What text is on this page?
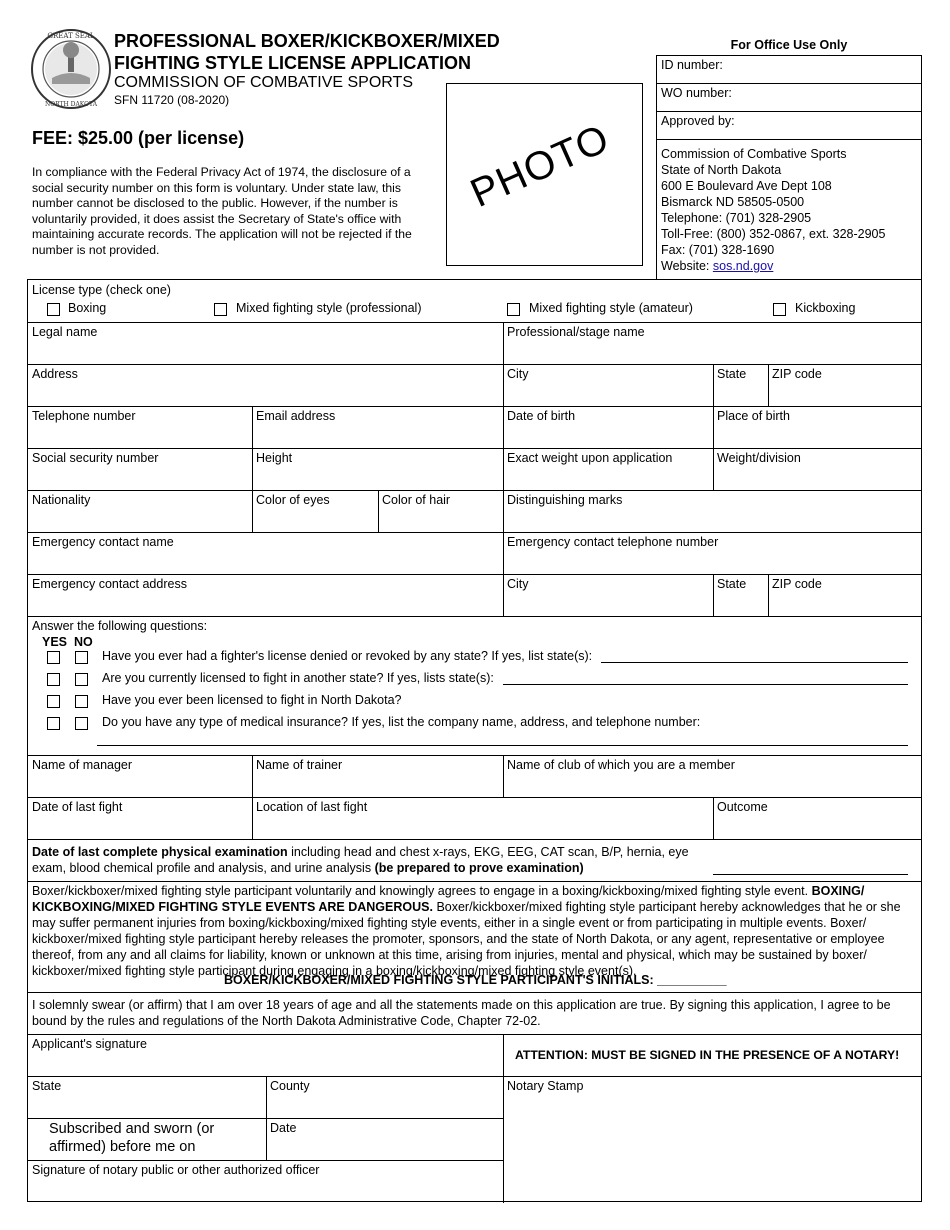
GREAT SEAL
NORTH DAKOTA
PROFESSIONAL BOXER/KICKBOXER/MIXED
FIGHTING STYLE LICENSE APPLICATION
COMMISSION OF COMBATIVE SPORTS
SFN 11720 (08-2020)
FEE: $25.00 (per license)
In compliance with the Federal Privacy Act of 1974, the disclosure of a social security number on this form is voluntary. Under state law, this number cannot be disclosed to the public. However, if the number is voluntarily provided, it does assist the Secretary of State's office with maintaining accurate records. The application will not be rejected if the number is not provided.
PHOTO
For Office Use Only
ID number:
WO number:
Approved by:
Commission of Combative Sports
State of North Dakota
600 E Boulevard Ave Dept 108
Bismarck ND 58505-0500
Telephone: (701) 328-2905
Toll-Free: (800) 352-0867, ext. 328-2905
Fax: (701) 328-1690
Website: sos.nd.gov
License type (check one)
Boxing	Mixed fighting style (professional)	Mixed fighting style (amateur)	Kickboxing
Legal name	Professional/stage name
Address	City	State ZIP code
Telephone number	Email address	Date of birth	Place of birth
Social security number	Height	Exact weight upon application	Weight/division
Nationality	Color of eyes	Color of hair	Distinguishing marks
Emergency contact name	Emergency contact telephone number
Emergency contact address	City	State ZIP code
Answer the following questions:
YES NO
Have you ever had a fighter's license denied or revoked by any state? If yes, list state(s):
Are you currently licensed to fight in another state? If yes, lists state(s):
Have you ever been licensed to fight in North Dakota?
Do you have any type of medical insurance? If yes, list the company name, address, and telephone number:
Name of manager	Name of trainer	Name of club of which you are a member
Date of last fight	Location of last fight	Outcome
Date of last complete physical examination including head and chest x-rays, EKG, EEG, CAT scan, B/P, hernia, eye exam, blood chemical profile and analysis, and urine analysis (be prepared to prove examination)
Boxer/kickboxer/mixed fighting style participant voluntarily and knowingly agrees to engage in a boxing/kickboxing/mixed fighting style event. BOXING/ KICKBOXING/MIXED FIGHTING STYLE EVENTS ARE DANGEROUS. Boxer/kickboxer/mixed fighting style participant hereby acknowledges that he or she may suffer permanent injuries from boxing/kickboxing/mixed fighting style events, either in a single event or from participating in multiple events. Boxer/ kickboxer/mixed fighting style participant hereby releases the promoter, sponsors, and the state of North Dakota, or any agent, representative or employee thereof, from any and all claims for liability, known or unknown at this time, arising from injuries, mental and physical, which may be sustained by boxer/ kickboxer/mixed fighting style participant during engaging in a boxing/kickboxing/mixed fighting style event(s).
BOXER/KICKBOXER/MIXED FIGHTING STYLE PARTICIPANT'S INITIALS: __________
I solemnly swear (or affirm) that I am over 18 years of age and all the statements made on this application are true. By signing this application, I agree to be bound by the rules and regulations of the North Dakota Administrative Code, Chapter 72-02.
Applicant's signature
ATTENTION: MUST BE SIGNED IN THE PRESENCE OF A NOTARY!
State	County	Notary Stamp
Subscribed and sworn (or affirmed) before me on
Date
Signature of notary public or other authorized officer
